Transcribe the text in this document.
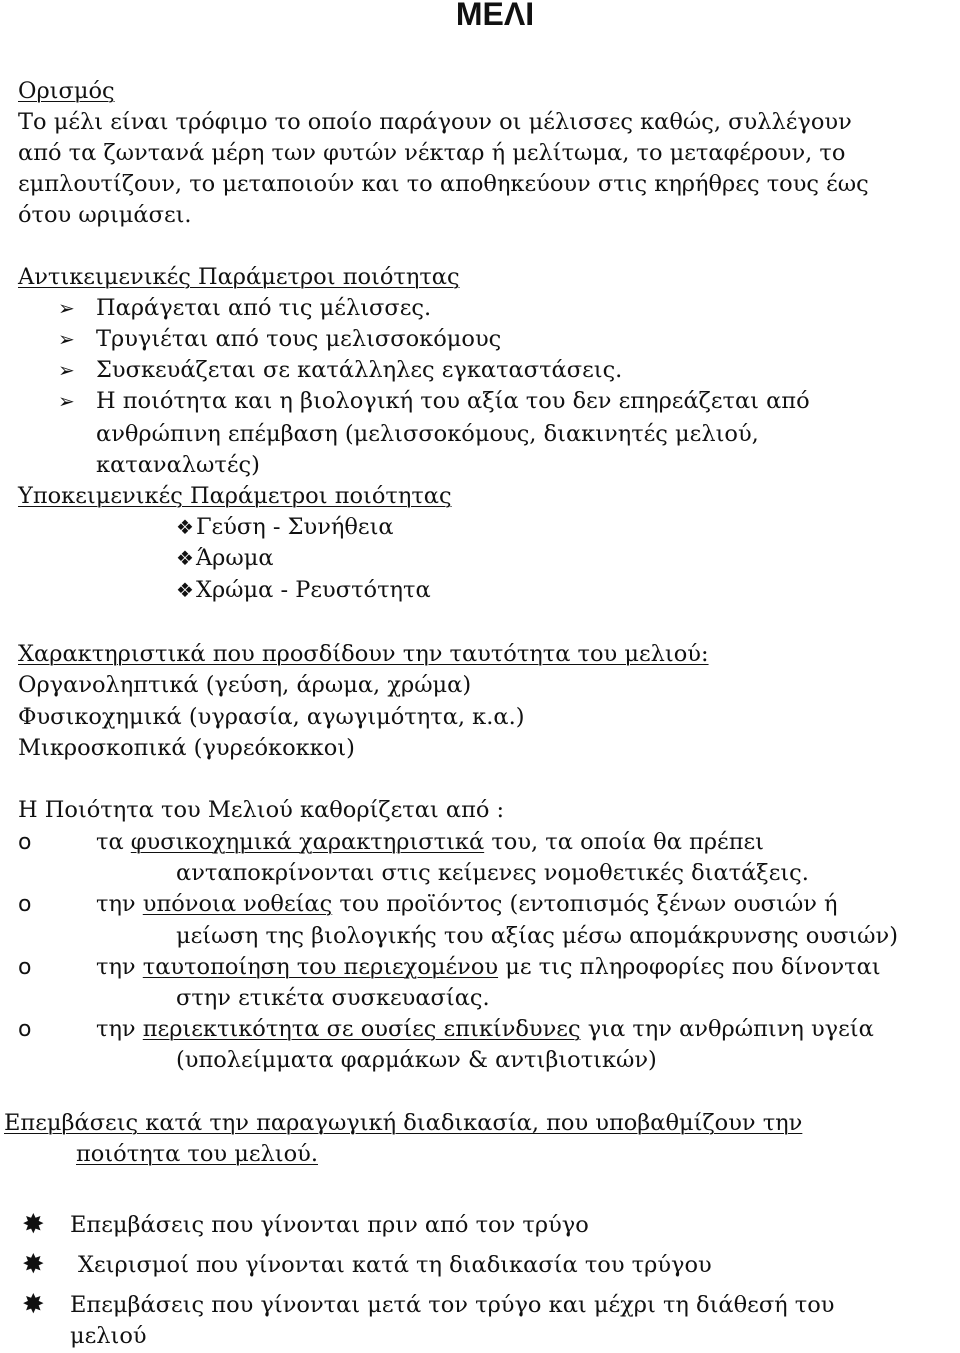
ΜΕΛΙ
Ορισμός
Το μέλι είναι τρόφιμο το οποίο παράγουν οι μέλισσες καθώς, συλλέγουν
από τα ζωντανά μέρη των φυτών νέκταρ ή μελίτωμα, το μεταφέρουν, το
εμπλουτίζουν, το μεταποιούν και το αποθηκεύουν στις κηρήθρες τους έως
ότου ωριμάσει.
Αντικειμενικές Παράμετροι ποιότητας
➢ Παράγεται από τις μέλισσες.
➢ Τρυγιέται από τους μελισσοκόμους
➢ Συσκευάζεται σε κατάλληλες εγκαταστάσεις.
➢ Η ποιότητα και η βιολογική του αξία του δεν επηρεάζεται από
ανθρώπινη επέμβαση (μελισσοκόμους, διακινητές μελιού,
καταναλωτές)
Υποκειμενικές Παράμετροι ποιότητας
❖Γεύση - Συνήθεια
❖Άρωμα
❖Χρώμα - Ρευστότητα
Χαρακτηριστικά που προσδίδουν την ταυτότητα του μελιού:
Οργανοληπτικά (γεύση, άρωμα, χρώμα)
Φυσικοχημικά (υγρασία, αγωγιμότητα, κ.α.)
Μικροσκοπικά (γυρεόκοκκοι)
Η Ποιότητα του Μελιού καθορίζεται από :
o	τα φυσικοχημικά χαρακτηριστικά του, τα οποία θα πρέπει
ανταποκρίνονται στις κείμενες νομοθετικές διατάξεις.
o	την υπόνοια νοθείας του προϊόντος (εντοπισμός ξένων ουσιών ή
μείωση της βιολογικής του αξίας μέσω απομάκρυνσης ουσιών)
o	την ταυτοποίηση του περιεχομένου με τις πληροφορίες που δίνονται
στην ετικέτα συσκευασίας.
o	την περιεκτικότητα σε ουσίες επικίνδυνες για την ανθρώπινη υγεία
(υπολείμματα φαρμάκων & αντιβιοτικών)
Επεμβάσεις κατά την παραγωγική διαδικασία, που υποβαθμίζουν την
ποιότητα του μελιού.
✸ Επεμβάσεις που γίνονται πριν από τον τρύγο
✸ Χειρισμοί που γίνονται κατά τη διαδικασία του τρύγου
✸ Επεμβάσεις που γίνονται μετά τον τρύγο και μέχρι τη διάθεσή του
μελιού
